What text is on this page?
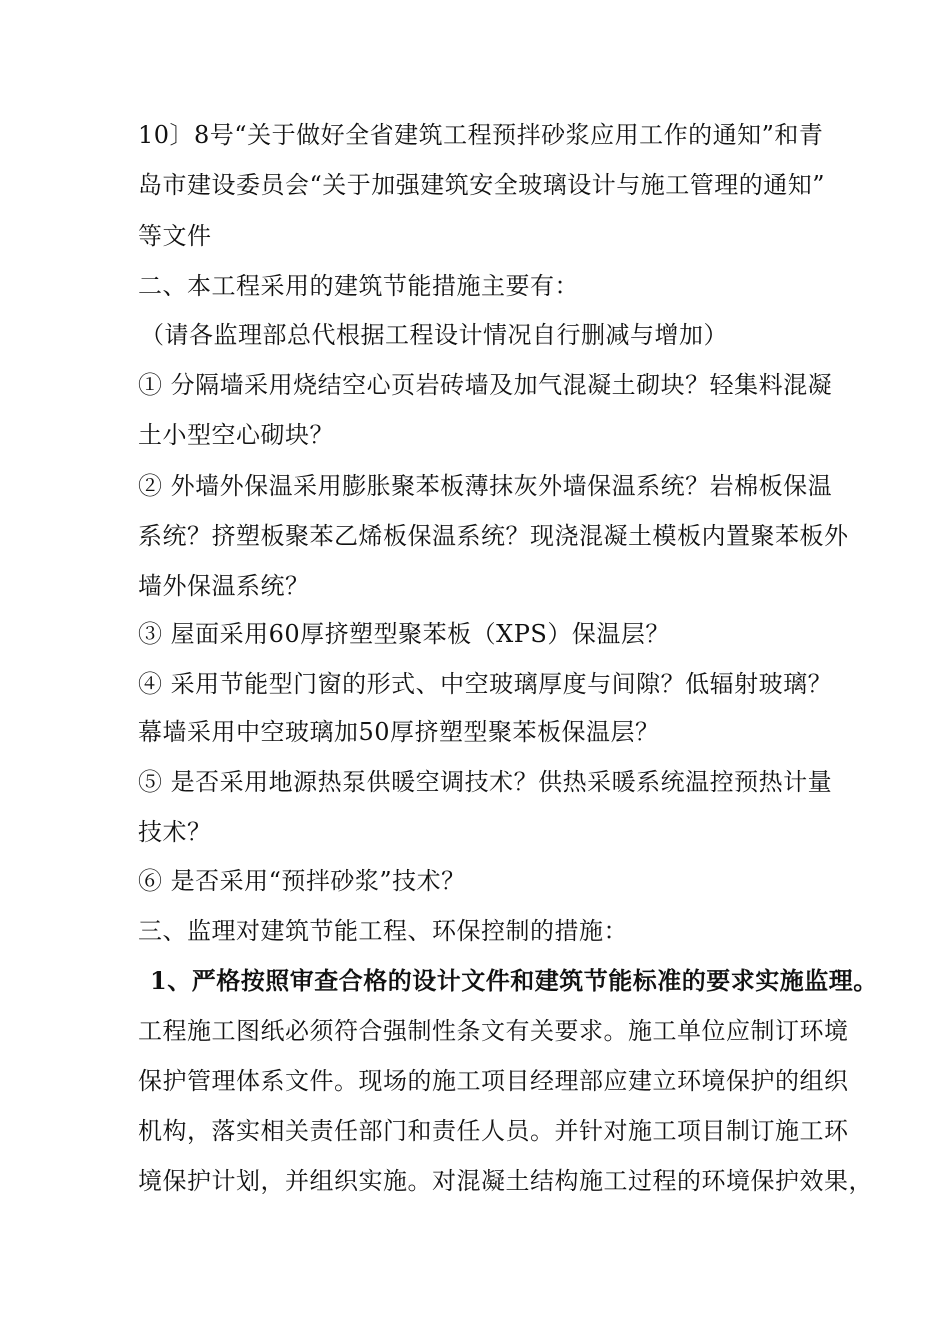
10〕8号“关于做好全省建筑工程预拌砂浆应用工作的通知”和青
岛市建设委员会“关于加强建筑安全玻璃设计与施工管理的通知”
等文件
二、本工程采用的建筑节能措施主要有：
（请各监理部总代根据工程设计情况自行删减与增加）
① 分隔墙采用烧结空心页岩砖墙及加气混凝土砌块？轻集料混凝
土小型空心砌块？
② 外墙外保温采用膨胀聚苯板薄抹灰外墙保温系统？岩棉板保温
系统？挤塑板聚苯乙烯板保温系统？现浇混凝土模板内置聚苯板外
墙外保温系统？
③ 屋面采用60厚挤塑型聚苯板（XPS）保温层？
④ 采用节能型门窗的形式、中空玻璃厚度与间隙？低辐射玻璃？
幕墙采用中空玻璃加50厚挤塑型聚苯板保温层？
⑤ 是否采用地源热泵供暖空调技术？供热采暖系统温控预热计量
技术？
⑥ 是否采用“预拌砂浆”技术？
三、监理对建筑节能工程、环保控制的措施：
1、严格按照审查合格的设计文件和建筑节能标准的要求实施监理。
工程施工图纸必须符合强制性条文有关要求。施工单位应制订环境
保护管理体系文件。现场的施工项目经理部应建立环境保护的组织
机构，落实相关责任部门和责任人员。并针对施工项目制订施工环
境保护计划，并组织实施。对混凝土结构施工过程的环境保护效果，
